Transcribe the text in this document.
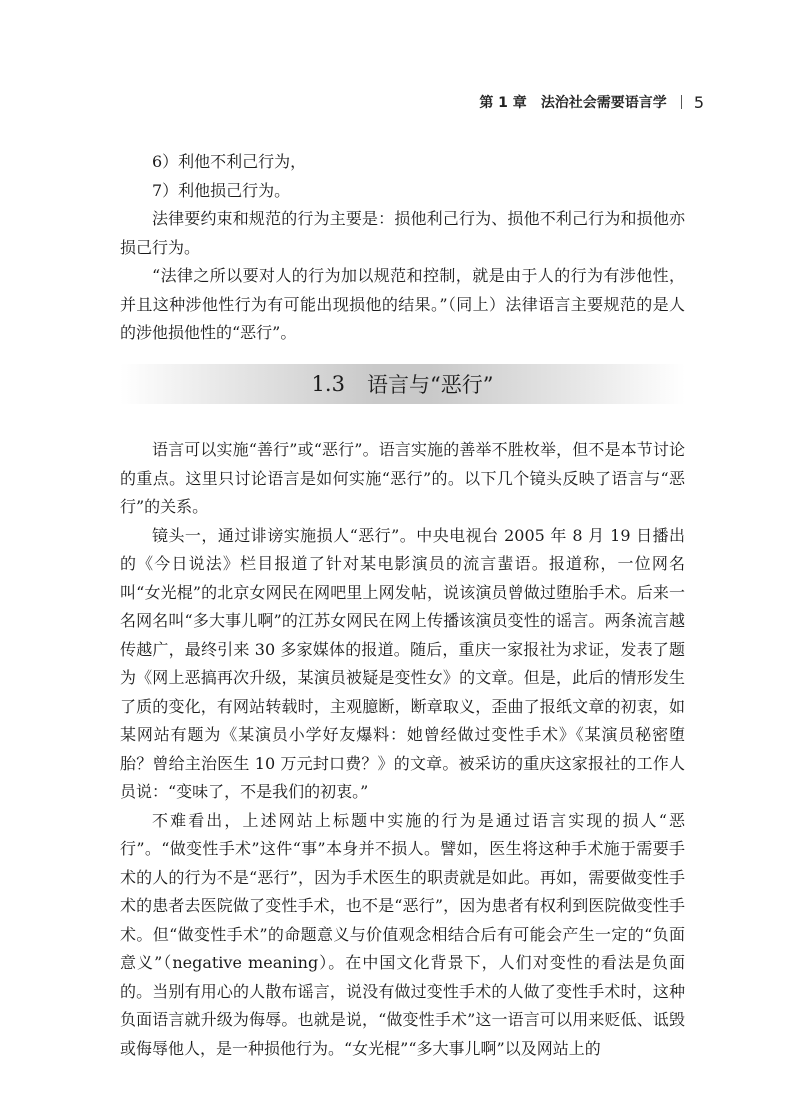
第 1 章 法治社会需要语言学 5

6）利他不利己行为，

7）利他损己行为。

法律要约束和规范的行为主要是：损他利己行为、损他不利己行为和损他亦损己行为。

“法律之所以要对人的行为加以规范和控制，就是由于人的行为有涉他性，并且这种涉他性行为有可能出现损他的结果。”（同上）法律语言主要规范的是人的涉他损他性的“恶行”。

1.3 语言与“恶行”

语言可以实施“善行”或“恶行”。语言实施的善举不胜枚举，但不是本节讨论的重点。这里只讨论语言是如何实施“恶行”的。以下几个镜头反映了语言与“恶行”的关系。

镜头一，通过诽谤实施损人“恶行”。中央电视台 2005 年 8 月 19 日播出的《今日说法》栏目报道了针对某电影演员的流言蜚语。报道称，一位网名叫“女光棍”的北京女网民在网吧里上网发帖，说该演员曾做过堕胎手术。后来一名网名叫“多大事儿啊”的江苏女网民在网上传播该演员变性的谣言。两条流言越传越广，最终引来 30 多家媒体的报道。随后，重庆一家报社为求证，发表了题为《网上恶搞再次升级，某演员被疑是变性女》的文章。但是，此后的情形发生了质的变化，有网站转载时，主观臆断，断章取义，歪曲了报纸文章的初衷，如某网站有题为《某演员小学好友爆料：她曾经做过变性手术》《某演员秘密堕胎？曾给主治医生 10 万元封口费？》的文章。被采访的重庆这家报社的工作人员说：“变味了，不是我们的初衷。”

不难看出，上述网站上标题中实施的行为是通过语言实现的损人“恶行”。“做变性手术”这件“事”本身并不损人。譬如，医生将这种手术施于需要手术的人的行为不是“恶行”，因为手术医生的职责就是如此。再如，需要做变性手术的患者去医院做了变性手术，也不是“恶行”，因为患者有权利到医院做变性手术。但“做变性手术”的命题意义与价值观念相结合后有可能会产生一定的“负面意义”（negative meaning）。在中国文化背景下，人们对变性的看法是负面的。当别有用心的人散布谣言，说没有做过变性手术的人做了变性手术时，这种负面语言就升级为侮辱。也就是说，“做变性手术”这一语言可以用来贬低、诋毁或侮辱他人，是一种损他行为。“女光棍”“多大事儿啊”以及网站上的
